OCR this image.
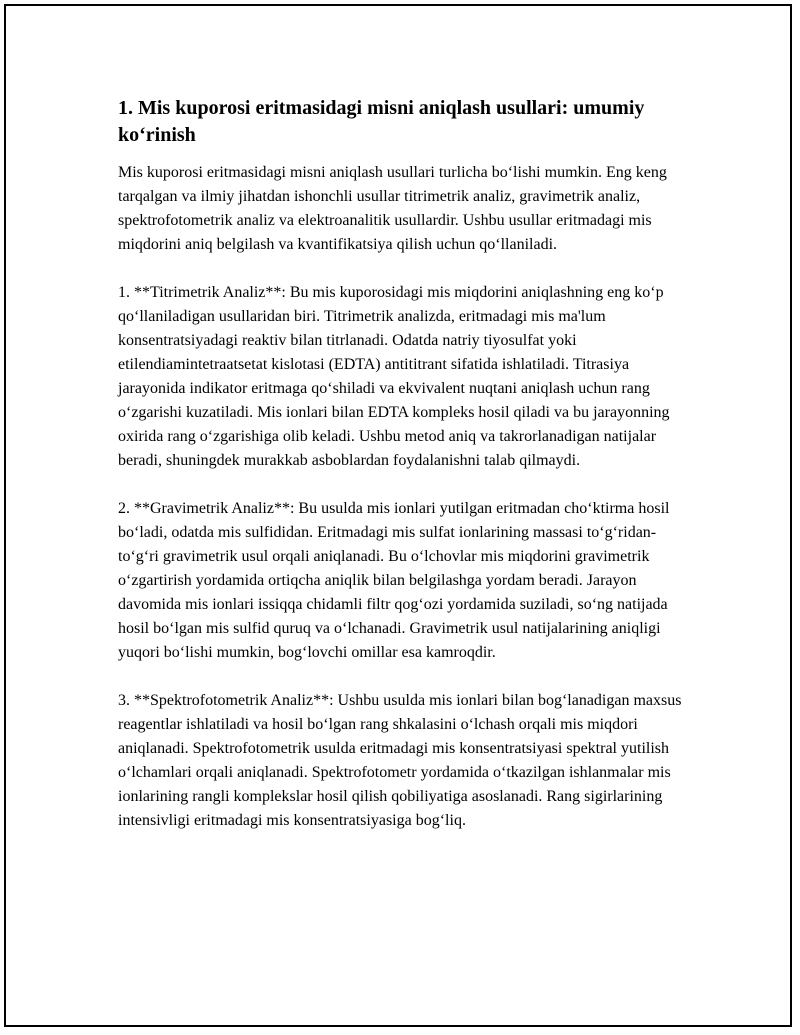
1. Mis kuporosi eritmasidagi misni aniqlash usullari: umumiy ko‘rinish

Mis kuporosi eritmasidagi misni aniqlash usullari turlicha bo‘lishi mumkin. Eng keng tarqalgan va ilmiy jihatdan ishonchli usullar titrimetrik analiz, gravimetrik analiz, spektrofotometrik analiz va elektroanalitik usullardir. Ushbu usullar eritmadagi mis miqdorini aniq belgilash va kvantifikatsiya qilish uchun qo‘llaniladi.

1. **Titrimetrik Analiz**: Bu mis kuporosidagi mis miqdorini aniqlashning eng ko‘p qo‘llaniladigan usullaridan biri. Titrimetrik analizda, eritmadagi mis ma'lum konsentratsiyadagi reaktiv bilan titrlanadi. Odatda natriy tiyosulfat yoki etilendiamintetraatsetat kislotasi (EDTA) antititrant sifatida ishlatiladi. Titrasiya jarayonida indikator eritmaga qo‘shiladi va ekvivalent nuqtani aniqlash uchun rang o‘zgarishi kuzatiladi. Mis ionlari bilan EDTA kompleks hosil qiladi va bu jarayonning oxirida rang o‘zgarishiga olib keladi. Ushbu metod aniq va takrorlanadigan natijalar beradi, shuningdek murakkab asboblardan foydalanishni talab qilmaydi.

2. **Gravimetrik Analiz**: Bu usulda mis ionlari yutilgan eritmadan cho‘ktirma hosil bo‘ladi, odatda mis sulfididan. Eritmadagi mis sulfat ionlarining massasi to‘g‘ridan-to‘g‘ri gravimetrik usul orqali aniqlanadi. Bu o‘lchovlar mis miqdorini gravimetrik o‘zgartirish yordamida ortiqcha aniqlik bilan belgilashga yordam beradi. Jarayon davomida mis ionlari issiqqa chidamli filtr qog‘ozi yordamida suziladi, so‘ng natijada hosil bo‘lgan mis sulfid quruq va o‘lchanadi. Gravimetrik usul natijalarining aniqligi yuqori bo‘lishi mumkin, bog‘lovchi omillar esa kamroqdir.

3. **Spektrofotometrik Analiz**: Ushbu usulda mis ionlari bilan bog‘lanadigan maxsus reagentlar ishlatiladi va hosil bo‘lgan rang shkalasini o‘lchash orqali mis miqdori aniqlanadi. Spektrofotometrik usulda eritmadagi mis konsentratsiyasi spektral yutilish o‘lchamlari orqali aniqlanadi. Spektrofotometr yordamida o‘tkazilgan ishlanmalar mis ionlarining rangli komplekslar hosil qilish qobiliyatiga asoslanadi. Rang sigirlarining intensivligi eritmadagi mis konsentratsiyasiga bog‘liq.
